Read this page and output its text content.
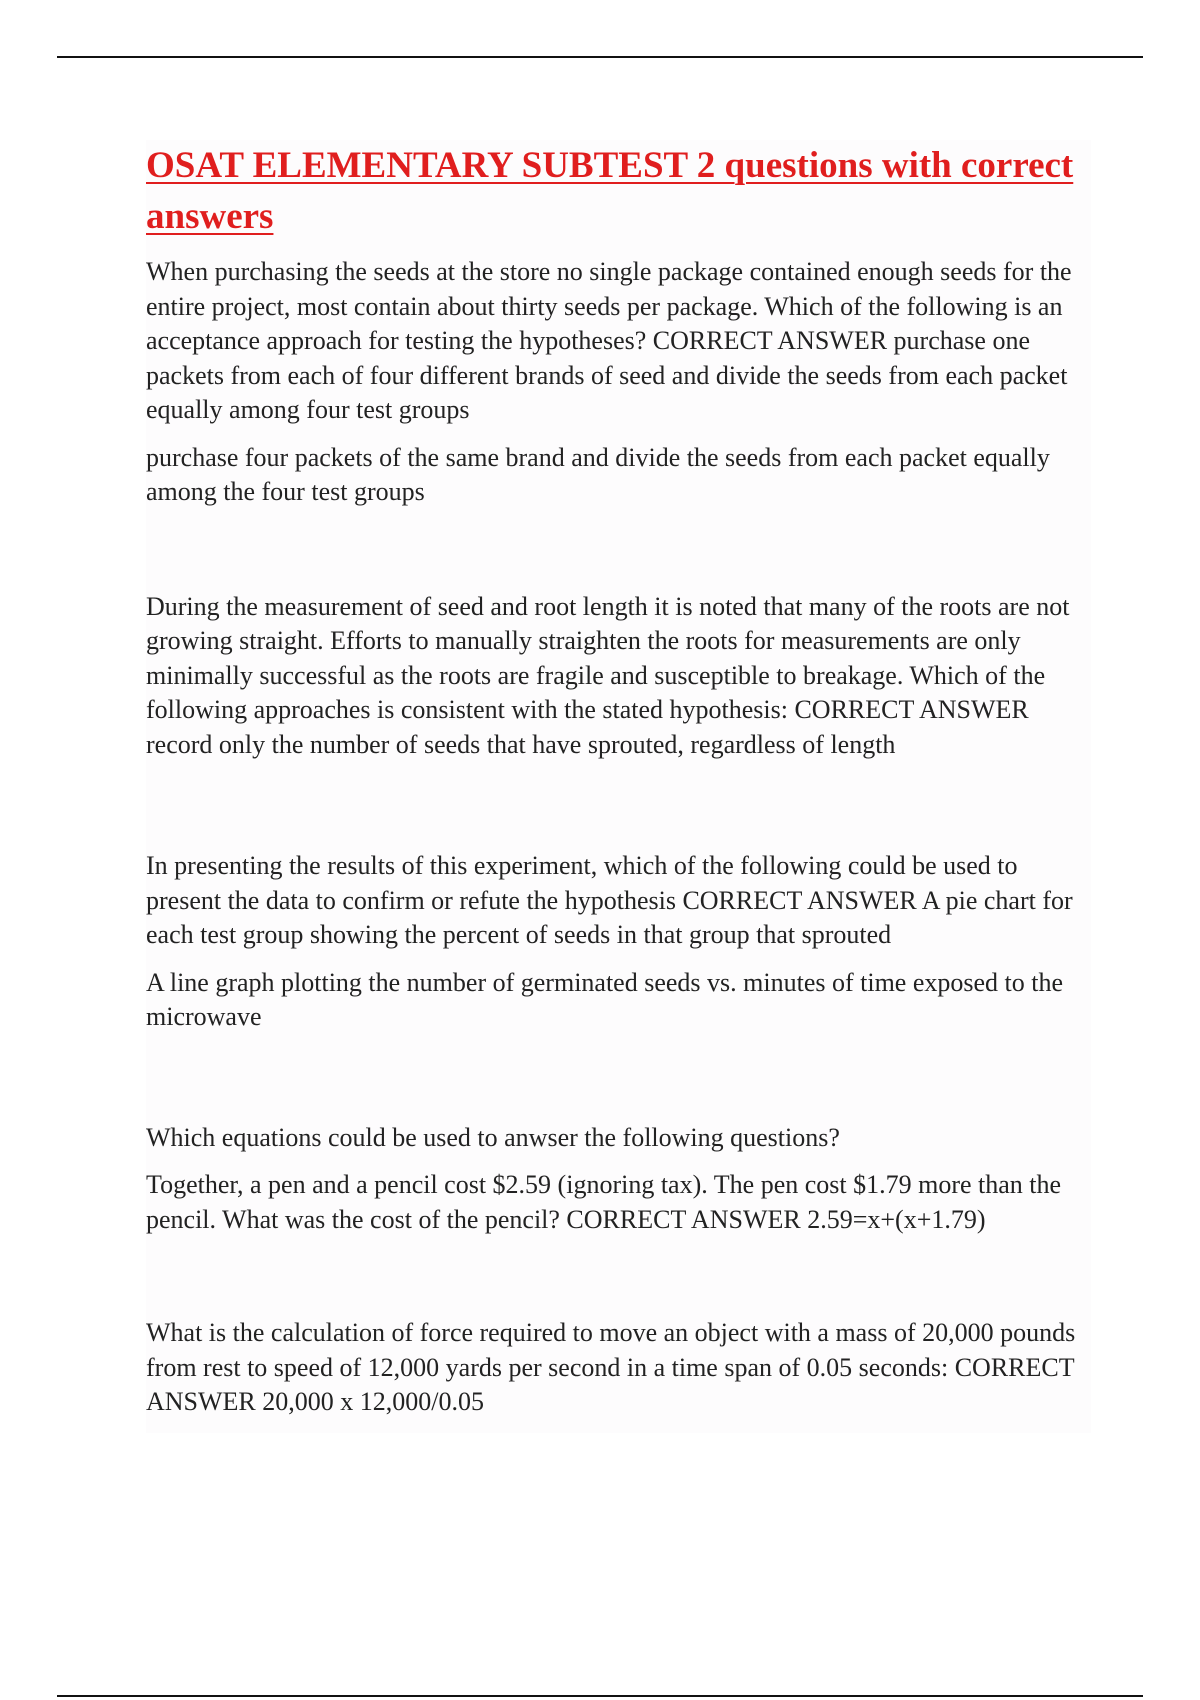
OSAT ELEMENTARY SUBTEST 2 questions with correct answers

When purchasing the seeds at the store no single package contained enough seeds for the entire project, most contain about thirty seeds per package. Which of the following is an acceptance approach for testing the hypotheses? CORRECT ANSWER purchase one packets from each of four different brands of seed and divide the seeds from each packet equally among four test groups

purchase four packets of the same brand and divide the seeds from each packet equally among the four test groups

During the measurement of seed and root length it is noted that many of the roots are not growing straight. Efforts to manually straighten the roots for measurements are only minimally successful as the roots are fragile and susceptible to breakage. Which of the following approaches is consistent with the stated hypothesis: CORRECT ANSWER record only the number of seeds that have sprouted, regardless of length

In presenting the results of this experiment, which of the following could be used to present the data to confirm or refute the hypothesis CORRECT ANSWER A pie chart for each test group showing the percent of seeds in that group that sprouted

A line graph plotting the number of germinated seeds vs. minutes of time exposed to the microwave

Which equations could be used to anwser the following questions?

Together, a pen and a pencil cost $2.59 (ignoring tax). The pen cost $1.79 more than the pencil. What was the cost of the pencil? CORRECT ANSWER 2.59=x+(x+1.79)

What is the calculation of force required to move an object with a mass of 20,000 pounds from rest to speed of 12,000 yards per second in a time span of 0.05 seconds: CORRECT ANSWER 20,000 x 12,000/0.05
